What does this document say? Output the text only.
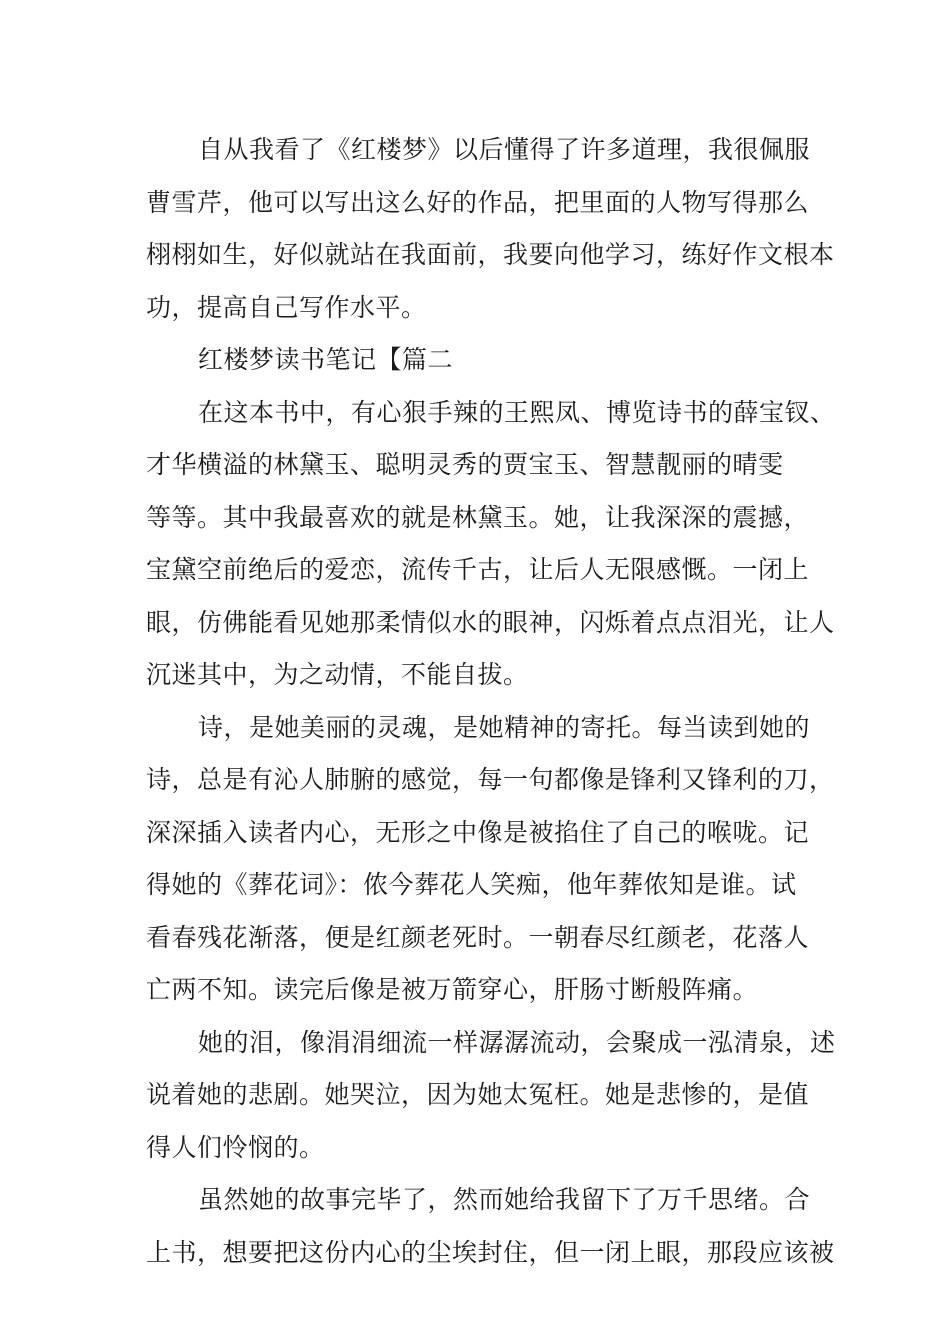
自从我看了《红楼梦》以后懂得了许多道理，我很佩服
曹雪芹，他可以写出这么好的作品，把里面的人物写得那么
栩栩如生，好似就站在我面前，我要向他学习，练好作文根本
功，提高自己写作水平。
红楼梦读书笔记【篇二
在这本书中，有心狠手辣的王熙凤、博览诗书的薛宝钗、
才华横溢的林黛玉、聪明灵秀的贾宝玉、智慧靓丽的晴雯
等等。其中我最喜欢的就是林黛玉。她，让我深深的震撼，
宝黛空前绝后的爱恋，流传千古，让后人无限感慨。一闭上
眼，仿佛能看见她那柔情似水的眼神，闪烁着点点泪光，让人
沉迷其中，为之动情，不能自拔。
诗，是她美丽的灵魂，是她精神的寄托。每当读到她的
诗，总是有沁人肺腑的感觉，每一句都像是锋利又锋利的刀，
深深插入读者内心，无形之中像是被掐住了自己的喉咙。记
得她的《葬花词》：侬今葬花人笑痴，他年葬侬知是谁。试
看春残花渐落，便是红颜老死时。一朝春尽红颜老，花落人
亡两不知。读完后像是被万箭穿心，肝肠寸断般阵痛。
她的泪，像涓涓细流一样潺潺流动，会聚成一泓清泉，述
说着她的悲剧。她哭泣，因为她太冤枉。她是悲惨的，是值
得人们怜悯的。
虽然她的故事完毕了，然而她给我留下了万千思绪。合
上书，想要把这份内心的尘埃封住，但一闭上眼，那段应该被
